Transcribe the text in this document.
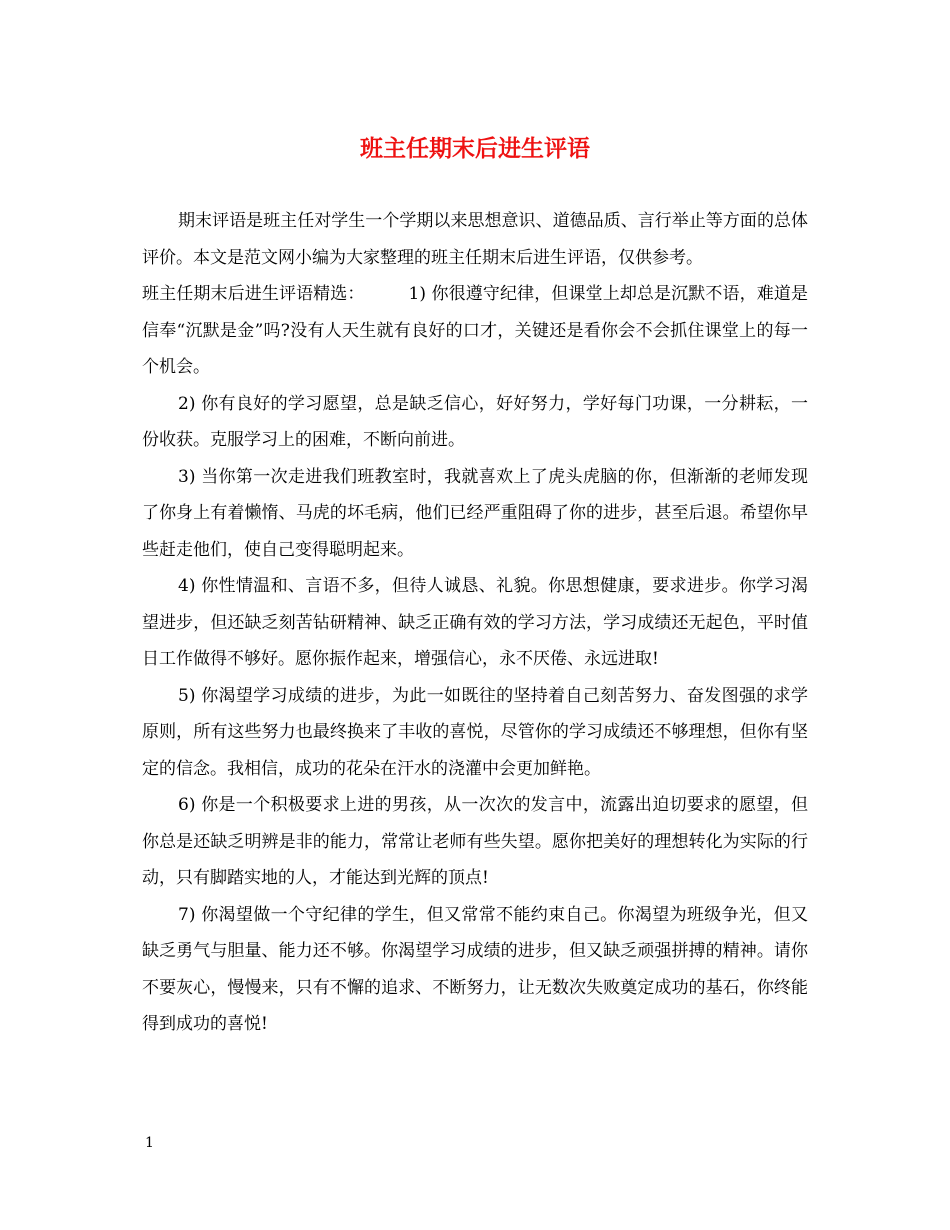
班主任期末后进生评语

期末评语是班主任对学生一个学期以来思想意识、道德品质、言行举止等方面的总体评价。本文是范文网小编为大家整理的班主任期末后进生评语，仅供参考。

班主任期末后进生评语精选：	1) 你很遵守纪律，但课堂上却总是沉默不语，难道是信奉“沉默是金”吗?没有人天生就有良好的口才，关键还是看你会不会抓住课堂上的每一个机会。

2) 你有良好的学习愿望，总是缺乏信心，好好努力，学好每门功课，一分耕耘，一份收获。克服学习上的困难，不断向前进。

3) 当你第一次走进我们班教室时，我就喜欢上了虎头虎脑的你，但渐渐的老师发现了你身上有着懒惰、马虎的坏毛病，他们已经严重阻碍了你的进步，甚至后退。希望你早些赶走他们，使自己变得聪明起来。

4) 你性情温和、言语不多，但待人诚恳、礼貌。你思想健康，要求进步。你学习渴望进步，但还缺乏刻苦钻研精神、缺乏正确有效的学习方法，学习成绩还无起色，平时值日工作做得不够好。愿你振作起来，增强信心，永不厌倦、永远进取!

5) 你渴望学习成绩的进步，为此一如既往的坚持着自己刻苦努力、奋发图强的求学原则，所有这些努力也最终换来了丰收的喜悦，尽管你的学习成绩还不够理想，但你有坚定的信念。我相信，成功的花朵在汗水的浇灌中会更加鲜艳。

6) 你是一个积极要求上进的男孩，从一次次的发言中，流露出迫切要求的愿望，但你总是还缺乏明辨是非的能力，常常让老师有些失望。愿你把美好的理想转化为实际的行动，只有脚踏实地的人，才能达到光辉的顶点!

7) 你渴望做一个守纪律的学生，但又常常不能约束自己。你渴望为班级争光，但又缺乏勇气与胆量、能力还不够。你渴望学习成绩的进步，但又缺乏顽强拼搏的精神。请你不要灰心，慢慢来，只有不懈的追求、不断努力，让无数次失败奠定成功的基石，你终能得到成功的喜悦!

1
